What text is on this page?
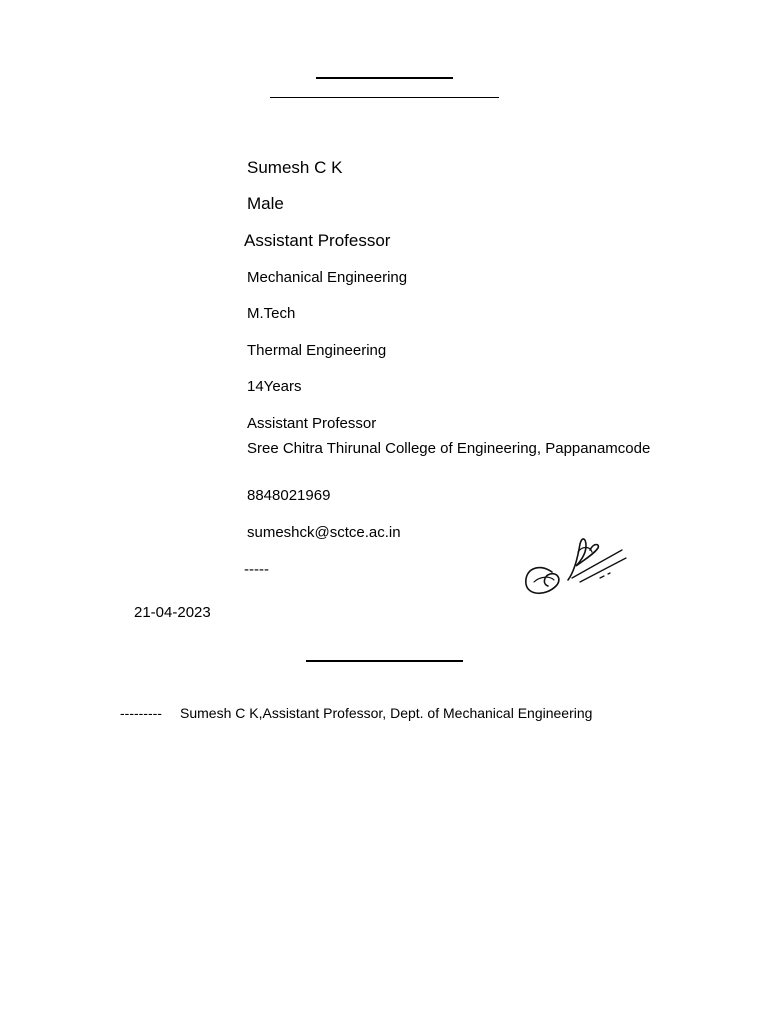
Sumesh C K
Male
Assistant Professor
Mechanical Engineering
M.Tech
Thermal Engineering
14Years
Assistant Professor
Sree Chitra Thirunal College of Engineering, Pappanamcode
8848021969
sumeshck@sctce.ac.in
-----
21-04-2023
--------- Sumesh C K,Assistant Professor, Dept. of Mechanical Engineering
